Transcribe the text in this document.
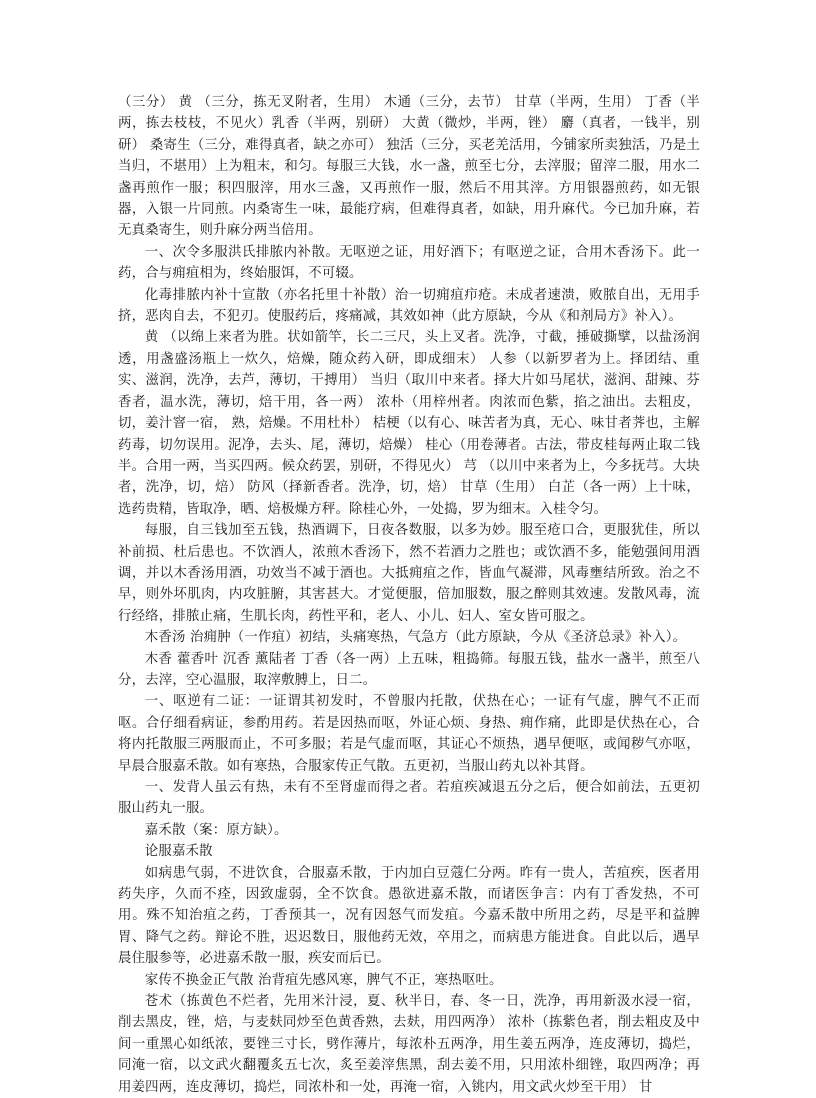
（三分） 黄 （三分，拣无叉附者，生用） 木通（三分，去节） 甘草（半两，生用） 丁香（半两，拣去枝枝，不见火）乳香（半两，别研） 大黄（微炒，半两，锉） 麝（真者，一钱半，别研） 桑寄生（三分，难得真者，缺之亦可） 独活（三分，买老羌活用，今铺家所卖独活，乃是土当归，不堪用）上为粗末，和匀。每服三大钱，水一盏，煎至七分，去滓服；留滓二服，用水二盏再煎作一服；积四服滓，用水三盏，又再煎作一服，然后不用其滓。方用银器煎药，如无银器，入银一片同煎。内桑寄生一味，最能疗病，但难得真者，如缺，用升麻代。今已加升麻，若无真桑寄生，则升麻分两当倍用。

一、次令多服洪氏排脓内补散。无呕逆之证，用好酒下；有呕逆之证，合用木香汤下。此一药，合与痈疽相为，终始服饵，不可辍。

化毒排脓内补十宣散（亦名托里十补散）治一切痈疽疖疮。未成者速溃，败脓自出，无用手挤，恶肉自去，不犯刃。使服药后，疼痛减，其效如神（此方原缺，今从《和剂局方》补入）。

黄 （以绵上来者为胜。状如箭竿，长二三尺，头上叉者。洗净，寸截，捶破撕擘，以盐汤润透，用盏盛汤瓶上一炊久，焙燥，随众药入研，即成细末） 人参（以新罗者为上。择团结、重实、滋润，洗净，去芦，薄切，干搏用） 当归（取川中来者。择大片如马尾状，滋润、甜辣、芬香者，温水洗，薄切，焙干用，各一两） 浓朴（用梓州者。肉浓而色紫，掐之油出。去粗皮，切，姜汁窨一宿， 熟，焙燥。不用杜朴） 桔梗（以有心、味苦者为真，无心、味甘者荠也，主解药毒，切勿误用。泥净，去头、尾，薄切，焙燥） 桂心（用卷薄者。古法，带皮桂每两止取二钱半。合用一两，当买四两。候众药罢，别研，不得见火） 芎 （以川中来者为上，今多抚芎。大块者，洗净，切，焙） 防风（择新香者。洗净，切，焙） 甘草（生用） 白芷（各一两）上十味，选药贵精，皆取净，晒、焙极燥方秤。除桂心外，一处捣，罗为细末。入桂令匀。

每服，自三钱加至五钱，热酒调下，日夜各数服，以多为妙。服至疮口合，更服犹佳，所以补前损、杜后患也。不饮酒人，浓煎木香汤下，然不若酒力之胜也；或饮酒不多，能勉强间用酒调，并以木香汤用酒，功效当不减于酒也。大抵痈疽之作，皆血气凝滞，风毒壅结所致。治之不早，则外坏肌肉，内攻脏腑，其害甚大。才觉便服，倍加服数，服之醉则其效速。发散风毒，流行经络，排脓止痛，生肌长肉，药性平和，老人、小儿、妇人、室女皆可服之。

木香汤 治痈肿（一作疽）初结，头痛寒热，气急方（此方原缺，今从《圣济总录》补入）。

木香 藿香叶 沉香 薰陆者 丁香（各一两）上五味，粗捣筛。每服五钱，盐水一盏半，煎至八分，去滓，空心温服，取滓敷膊上，日二。

一、呕逆有二证：一证谓其初发时，不曾服内托散，伏热在心；一证有气虚，脾气不正而呕。合仔细看病证，参酌用药。若是因热而呕，外证心烦、身热、痈作痛，此即是伏热在心，合将内托散服三两服而止，不可多服；若是气虚而呕，其证心不烦热，遇早便呕，或闻秽气亦呕，早晨合服嘉禾散。如有寒热，合服家传正气散。五更初，当服山药丸以补其肾。

一、发背人虽云有热，未有不至肾虚而得之者。若疽疾减退五分之后，便合如前法，五更初服山药丸一服。

嘉禾散（案：原方缺）。

论服嘉禾散

如病患气弱，不进饮食，合服嘉禾散，于内加白豆蔻仁分两。昨有一贵人，苦疽疾，医者用药失序，久而不痊，因致虚弱，全不饮食。愚欲进嘉禾散，而诸医争言：内有丁香发热，不可用。殊不知治疽之药，丁香预其一，况有因怒气而发疽。今嘉禾散中所用之药，尽是平和益脾胃、降气之药。辩论不胜，迟迟数日，服他药无效，卒用之，而病患方能进食。自此以后，遇早晨住服参等，必进嘉禾散一服，疾安而后已。

家传不换金正气散 治背疽先感风寒，脾气不正，寒热呕吐。

苍术（拣黄色不烂者，先用米汁浸，夏、秋半日，春、冬一日，洗净，再用新汲水浸一宿，削去黑皮，锉，焙，与麦麸同炒至色黄香熟，去麸，用四两净） 浓朴（拣紫色者，削去粗皮及中间一重黑心如纸浓，要锉三寸长，劈作薄片，每浓朴五两净，用生姜五两净，连皮薄切，捣烂，同淹一宿，以文武火翻覆炙五七次，炙至姜滓焦黑，刮去姜不用，只用浓朴细锉，取四两净；再用姜四两，连皮薄切，捣烂，同浓朴和一处，再淹一宿，入铫内，用文武火炒至干用） 甘
